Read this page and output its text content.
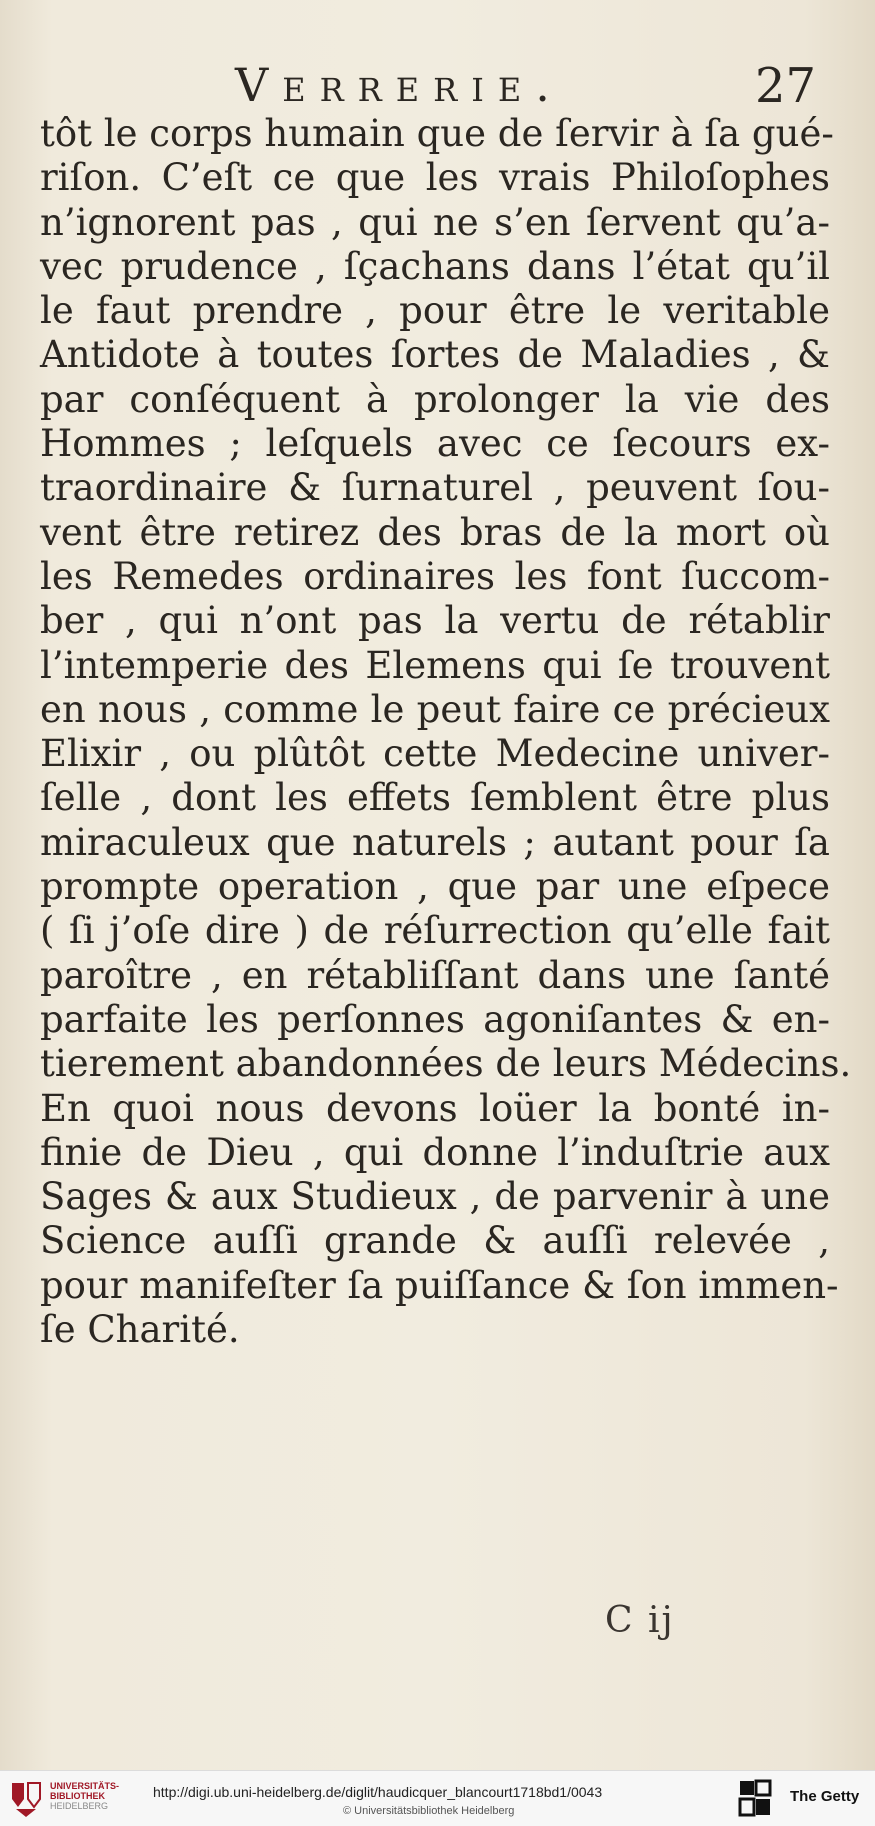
Verrerie.	27
tôt le corps humain que de ſervir à ſa gué-
riſon. C’eſt ce que les vrais Philoſophes
n’ignorent pas , qui ne s’en ſervent qu’a-
vec prudence , ſçachans dans l’état qu’il
le faut prendre , pour être le veritable
Antidote à toutes ſortes de Maladies , &
par conſéquent à prolonger la vie des
Hommes ; leſquels avec ce ſecours ex-
traordinaire & ſurnaturel , peuvent ſou-
vent être retirez des bras de la mort où
les Remedes ordinaires les font ſuccom-
ber , qui n’ont pas la vertu de rétablir
l’intemperie des Elemens qui ſe trouvent
en nous , comme le peut faire ce précieux
Elixir , ou plûtôt cette Medecine univer-
ſelle , dont les effets ſemblent être plus
miraculeux que naturels ; autant pour ſa
prompte operation , que par une eſpece
( ſi j’oſe dire ) de réſurrection qu’elle fait
paroître , en rétabliſſant dans une ſanté
parfaite les perſonnes agoniſantes & en-
tierement abandonnées de leurs Médecins.
En quoi nous devons loüer la bonté in-
finie de Dieu , qui donne l’induſtrie aux
Sages & aux Studieux , de parvenir à une
Science auſſi grande & auſſi relevée ,
pour manifeſter ſa puiſſance & ſon immen-
ſe Charité.
C ij
UNIVERSITÄTS-
BIBLIOTHEK
HEIDELBERG
http://digi.ub.uni-heidelberg.de/diglit/haudicquer_blancourt1718bd1/0043
© Universitätsbibliothek Heidelberg
The Getty
